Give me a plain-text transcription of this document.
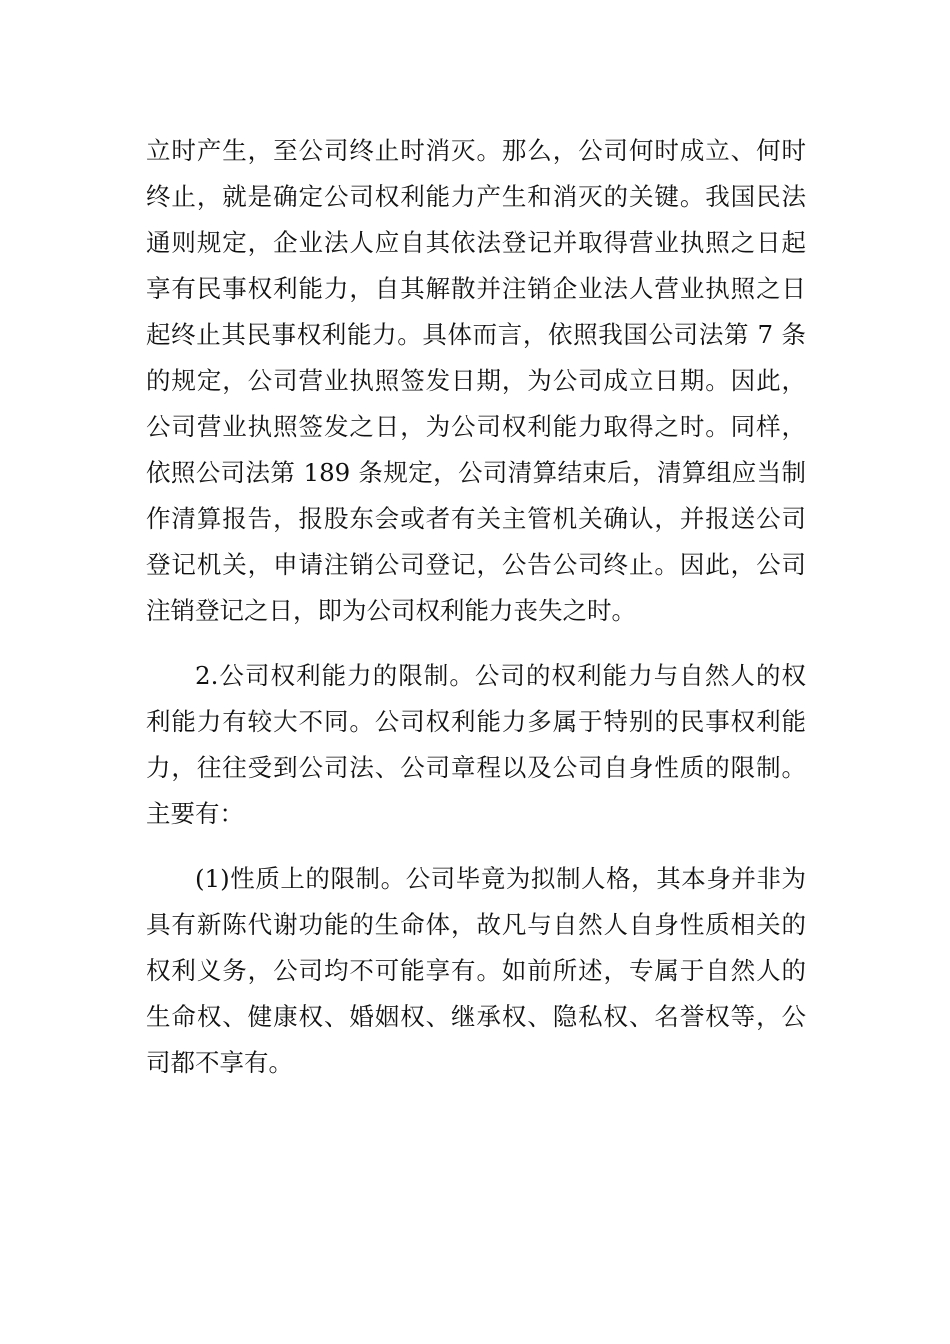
立时产生，至公司终止时消灭。那么，公司何时成立、何时终止，就是确定公司权利能力产生和消灭的关键。我国民法通则规定，企业法人应自其依法登记并取得营业执照之日起享有民事权利能力，自其解散并注销企业法人营业执照之日起终止其民事权利能力。具体而言，依照我国公司法第 7 条的规定，公司营业执照签发日期，为公司成立日期。因此，公司营业执照签发之日，为公司权利能力取得之时。同样，依照公司法第 189 条规定，公司清算结束后，清算组应当制作清算报告，报股东会或者有关主管机关确认，并报送公司登记机关，申请注销公司登记，公告公司终止。因此，公司注销登记之日，即为公司权利能力丧失之时。

2.公司权利能力的限制。公司的权利能力与自然人的权利能力有较大不同。公司权利能力多属于特别的民事权利能力，往往受到公司法、公司章程以及公司自身性质的限制。主要有：

(1)性质上的限制。公司毕竟为拟制人格，其本身并非为具有新陈代谢功能的生命体，故凡与自然人自身性质相关的权利义务，公司均不可能享有。如前所述，专属于自然人的生命权、健康权、婚姻权、继承权、隐私权、名誉权等，公司都不享有。
